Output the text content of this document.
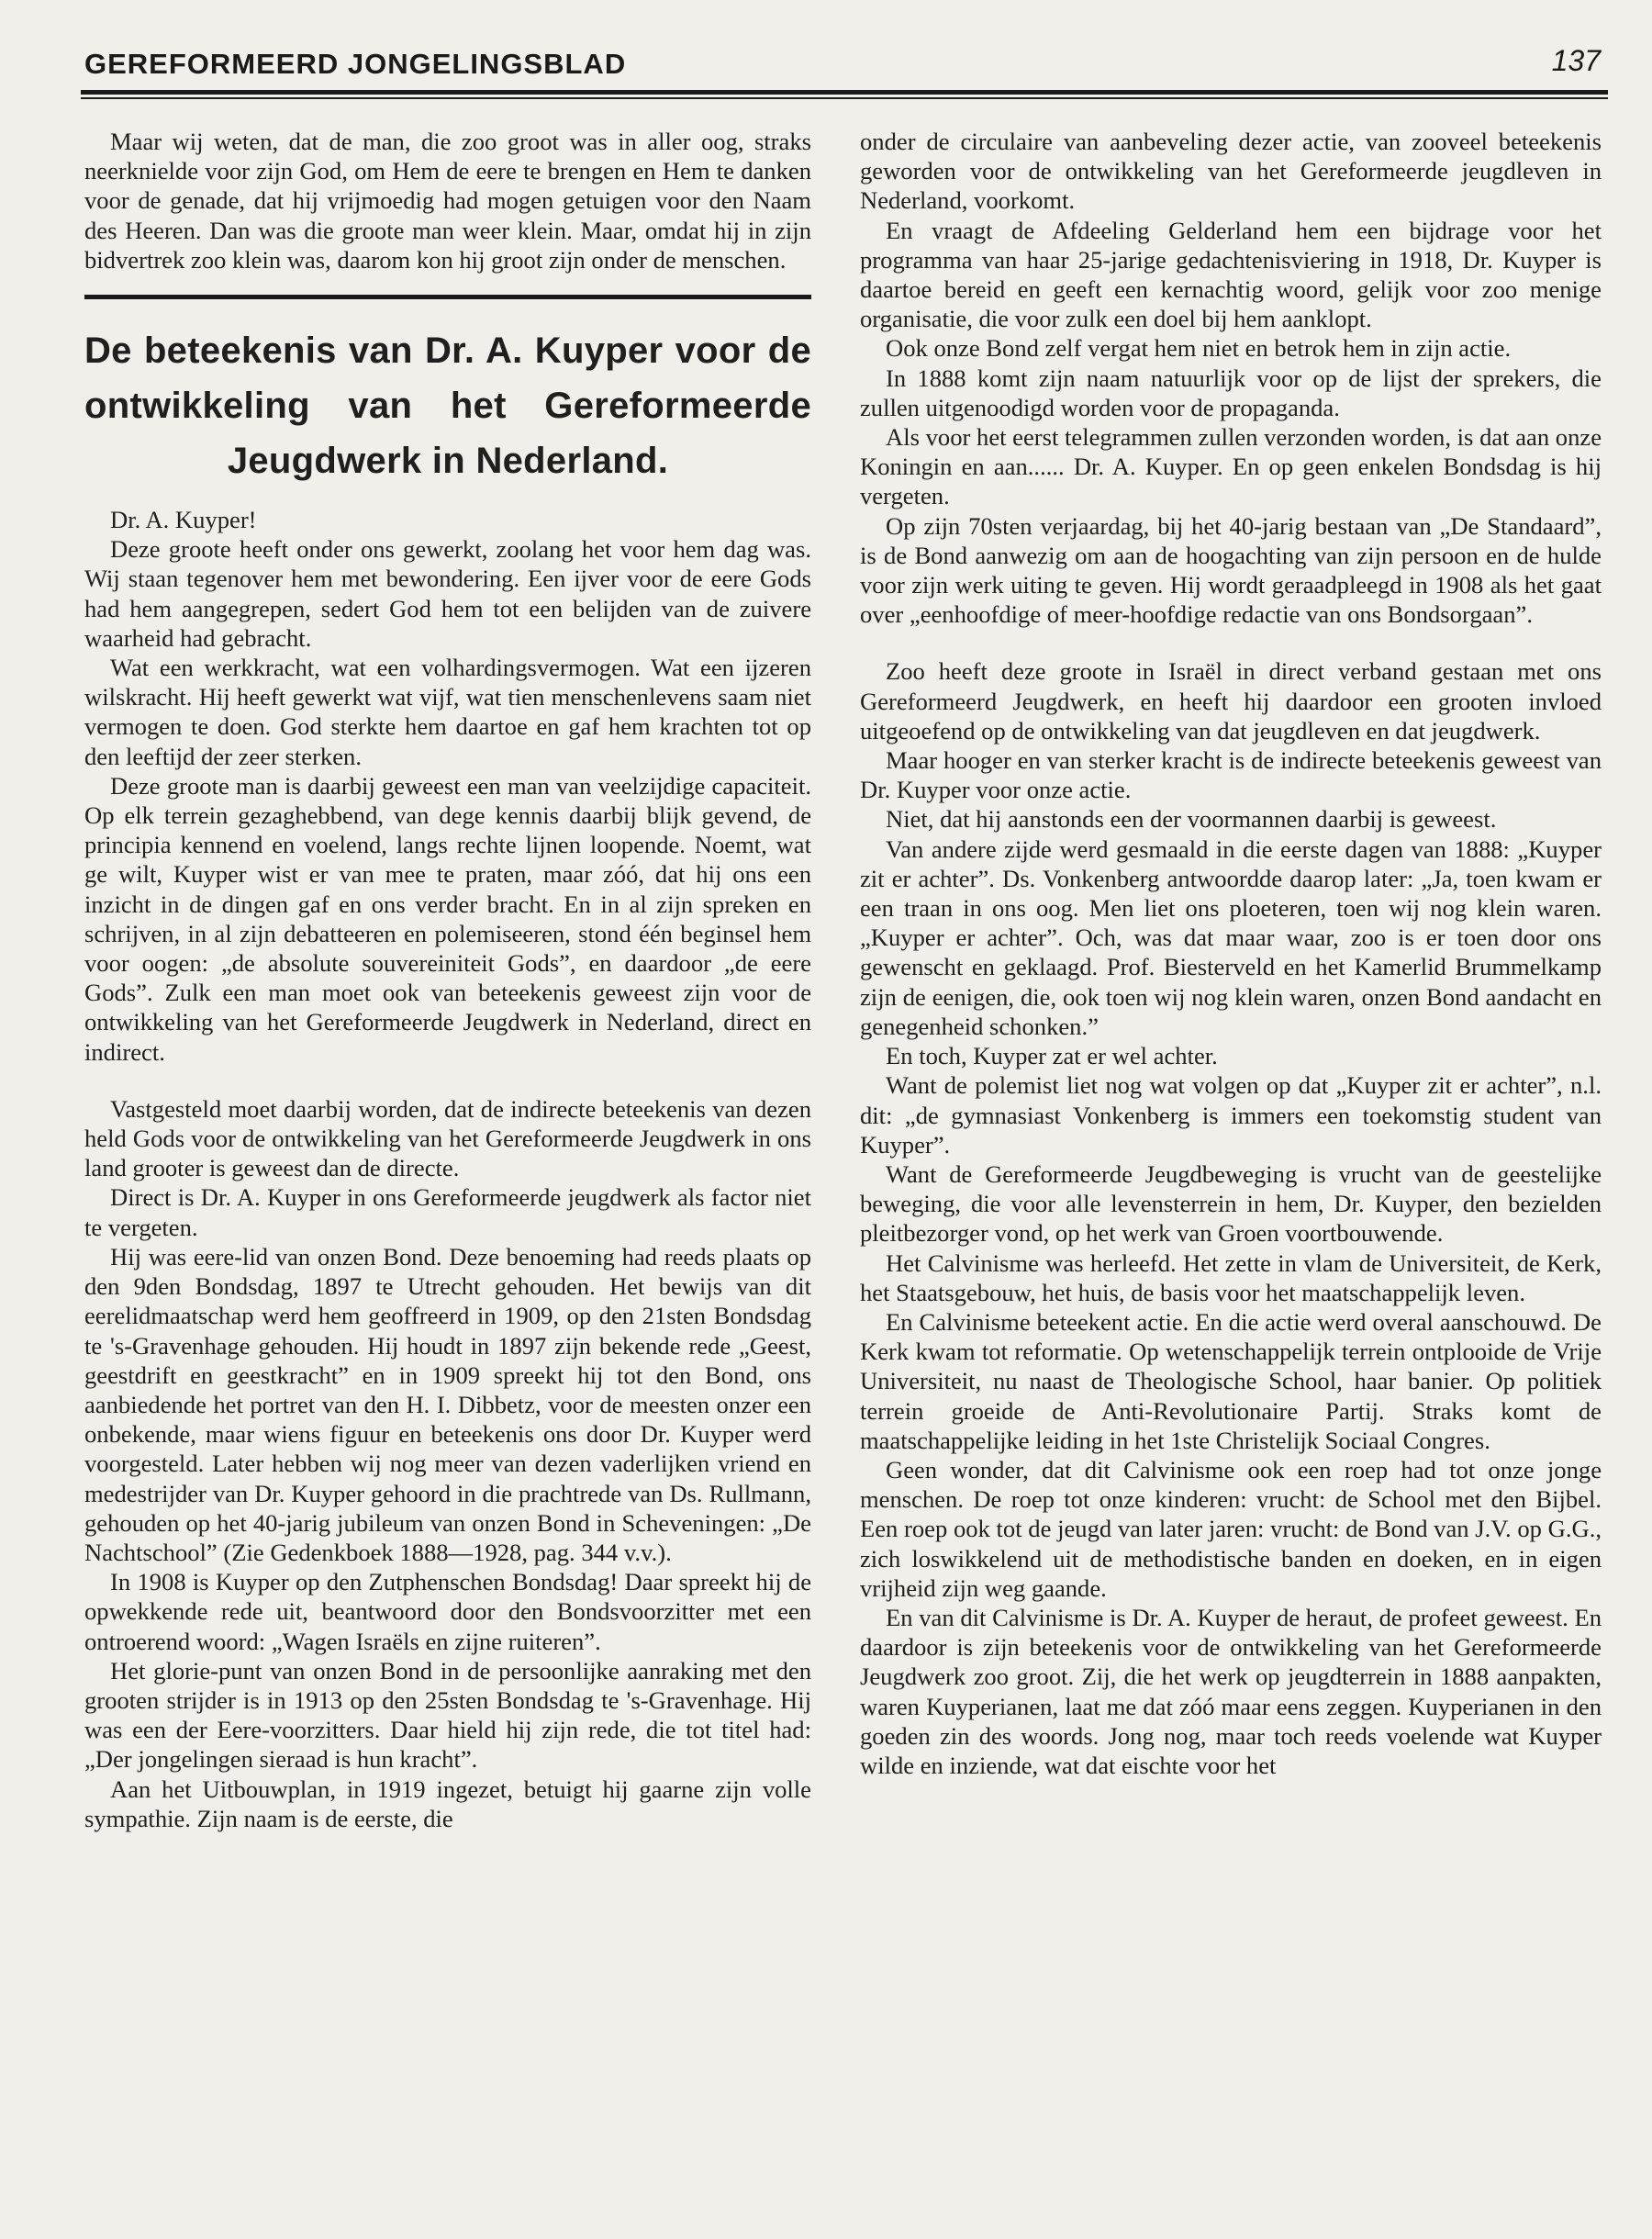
GEREFORMEERD JONGELINGSBLAD	137

Maar wij weten, dat de man, die zoo groot was in aller oog, straks neerknielde voor zijn God, om Hem de eere te brengen en Hem te danken voor de genade, dat hij vrijmoedig had mogen getuigen voor den Naam des Heeren. Dan was die groote man weer klein. Maar, omdat hij in zijn bidvertrek zoo klein was, daarom kon hij groot zijn onder de menschen.

De beteekenis van Dr. A. Kuyper voor de ontwikkeling van het Gereformeerde Jeugdwerk in Nederland.

Dr. A. Kuyper!

Deze groote heeft onder ons gewerkt, zoolang het voor hem dag was. Wij staan tegenover hem met bewondering. Een ijver voor de eere Gods had hem aangegrepen, sedert God hem tot een belijden van de zuivere waarheid had gebracht.

Wat een werkkracht, wat een volhardingsvermogen. Wat een ijzeren wilskracht. Hij heeft gewerkt wat vijf, wat tien menschenlevens saam niet vermogen te doen. God sterkte hem daartoe en gaf hem krachten tot op den leeftijd der zeer sterken.

Deze groote man is daarbij geweest een man van veelzijdige capaciteit. Op elk terrein gezaghebbend, van dege kennis daarbij blijk gevend, de principia kennend en voelend, langs rechte lijnen loopende. Noemt, wat ge wilt, Kuyper wist er van mee te praten, maar zóó, dat hij ons een inzicht in de dingen gaf en ons verder bracht. En in al zijn spreken en schrijven, in al zijn debatteeren en polemiseeren, stond één beginsel hem voor oogen: „de absolute souvereiniteit Gods”, en daardoor „de eere Gods”. Zulk een man moet ook van beteekenis geweest zijn voor de ontwikkeling van het Gereformeerde Jeugdwerk in Nederland, direct en indirect.

Vastgesteld moet daarbij worden, dat de indirecte beteekenis van dezen held Gods voor de ontwikkeling van het Gereformeerde Jeugdwerk in ons land grooter is geweest dan de directe.

Direct is Dr. A. Kuyper in ons Gereformeerde jeugdwerk als factor niet te vergeten.

Hij was eere-lid van onzen Bond. Deze benoeming had reeds plaats op den 9den Bondsdag, 1897 te Utrecht gehouden. Het bewijs van dit eerelidmaatschap werd hem geoffreerd in 1909, op den 21sten Bondsdag te 's-Gravenhage gehouden. Hij houdt in 1897 zijn bekende rede „Geest, geestdrift en geestkracht” en in 1909 spreekt hij tot den Bond, ons aanbiedende het portret van den H. I. Dibbetz, voor de meesten onzer een onbekende, maar wiens figuur en beteekenis ons door Dr. Kuyper werd voorgesteld. Later hebben wij nog meer van dezen vaderlijken vriend en medestrijder van Dr. Kuyper gehoord in die prachtrede van Ds. Rullmann, gehouden op het 40-jarig jubileum van onzen Bond in Scheveningen: „De Nachtschool” (Zie Gedenkboek 1888—1928, pag. 344 v.v.).

In 1908 is Kuyper op den Zutphenschen Bondsdag! Daar spreekt hij de opwekkende rede uit, beantwoord door den Bondsvoorzitter met een ontroerend woord: „Wagen Israëls en zijne ruiteren”.

Het glorie-punt van onzen Bond in de persoonlijke aanraking met den grooten strijder is in 1913 op den 25sten Bondsdag te 's-Gravenhage. Hij was een der Eere-voorzitters. Daar hield hij zijn rede, die tot titel had: „Der jongelingen sieraad is hun kracht”.

Aan het Uitbouwplan, in 1919 ingezet, betuigt hij gaarne zijn volle sympathie. Zijn naam is de eerste, die

onder de circulaire van aanbeveling dezer actie, van zooveel beteekenis geworden voor de ontwikkeling van het Gereformeerde jeugdleven in Nederland, voorkomt.

En vraagt de Afdeeling Gelderland hem een bijdrage voor het programma van haar 25-jarige gedachtenisviering in 1918, Dr. Kuyper is daartoe bereid en geeft een kernachtig woord, gelijk voor zoo menige organisatie, die voor zulk een doel bij hem aanklopt.

Ook onze Bond zelf vergat hem niet en betrok hem in zijn actie.

In 1888 komt zijn naam natuurlijk voor op de lijst der sprekers, die zullen uitgenoodigd worden voor de propaganda.

Als voor het eerst telegrammen zullen verzonden worden, is dat aan onze Koningin en aan...... Dr. A. Kuyper. En op geen enkelen Bondsdag is hij vergeten.

Op zijn 70sten verjaardag, bij het 40-jarig bestaan van „De Standaard”, is de Bond aanwezig om aan de hoogachting van zijn persoon en de hulde voor zijn werk uiting te geven. Hij wordt geraadpleegd in 1908 als het gaat over „eenhoofdige of meer-hoofdige redactie van ons Bondsorgaan”.

Zoo heeft deze groote in Israël in direct verband gestaan met ons Gereformeerd Jeugdwerk, en heeft hij daardoor een grooten invloed uitgeoefend op de ontwikkeling van dat jeugdleven en dat jeugdwerk.

Maar hooger en van sterker kracht is de indirecte beteekenis geweest van Dr. Kuyper voor onze actie.

Niet, dat hij aanstonds een der voormannen daarbij is geweest.

Van andere zijde werd gesmaald in die eerste dagen van 1888: „Kuyper zit er achter”. Ds. Vonkenberg antwoordde daarop later: „Ja, toen kwam er een traan in ons oog. Men liet ons ploeteren, toen wij nog klein waren. „Kuyper er achter”. Och, was dat maar waar, zoo is er toen door ons gewenscht en geklaagd. Prof. Biesterveld en het Kamerlid Brummelkamp zijn de eenigen, die, ook toen wij nog klein waren, onzen Bond aandacht en genegenheid schonken.”

En toch, Kuyper zat er wel achter.

Want de polemist liet nog wat volgen op dat „Kuyper zit er achter”, n.l. dit: „de gymnasiast Vonkenberg is immers een toekomstig student van Kuyper”.

Want de Gereformeerde Jeugdbeweging is vrucht van de geestelijke beweging, die voor alle levensterrein in hem, Dr. Kuyper, den bezielden pleitbezorger vond, op het werk van Groen voortbouwende.

Het Calvinisme was herleefd. Het zette in vlam de Universiteit, de Kerk, het Staatsgebouw, het huis, de basis voor het maatschappelijk leven.

En Calvinisme beteekent actie. En die actie werd overal aanschouwd. De Kerk kwam tot reformatie. Op wetenschappelijk terrein ontplooide de Vrije Universiteit, nu naast de Theologische School, haar banier. Op politiek terrein groeide de Anti-Revolutionaire Partij. Straks komt de maatschappelijke leiding in het 1ste Christelijk Sociaal Congres.

Geen wonder, dat dit Calvinisme ook een roep had tot onze jonge menschen. De roep tot onze kinderen: vrucht: de School met den Bijbel. Een roep ook tot de jeugd van later jaren: vrucht: de Bond van J.V. op G.G., zich loswikkelend uit de methodistische banden en doeken, en in eigen vrijheid zijn weg gaande.

En van dit Calvinisme is Dr. A. Kuyper de heraut, de profeet geweest. En daardoor is zijn beteekenis voor de ontwikkeling van het Gereformeerde Jeugdwerk zoo groot. Zij, die het werk op jeugdterrein in 1888 aanpakten, waren Kuyperianen, laat me dat zóó maar eens zeggen. Kuyperianen in den goeden zin des woords. Jong nog, maar toch reeds voelende wat Kuyper wilde en inziende, wat dat eischte voor het
